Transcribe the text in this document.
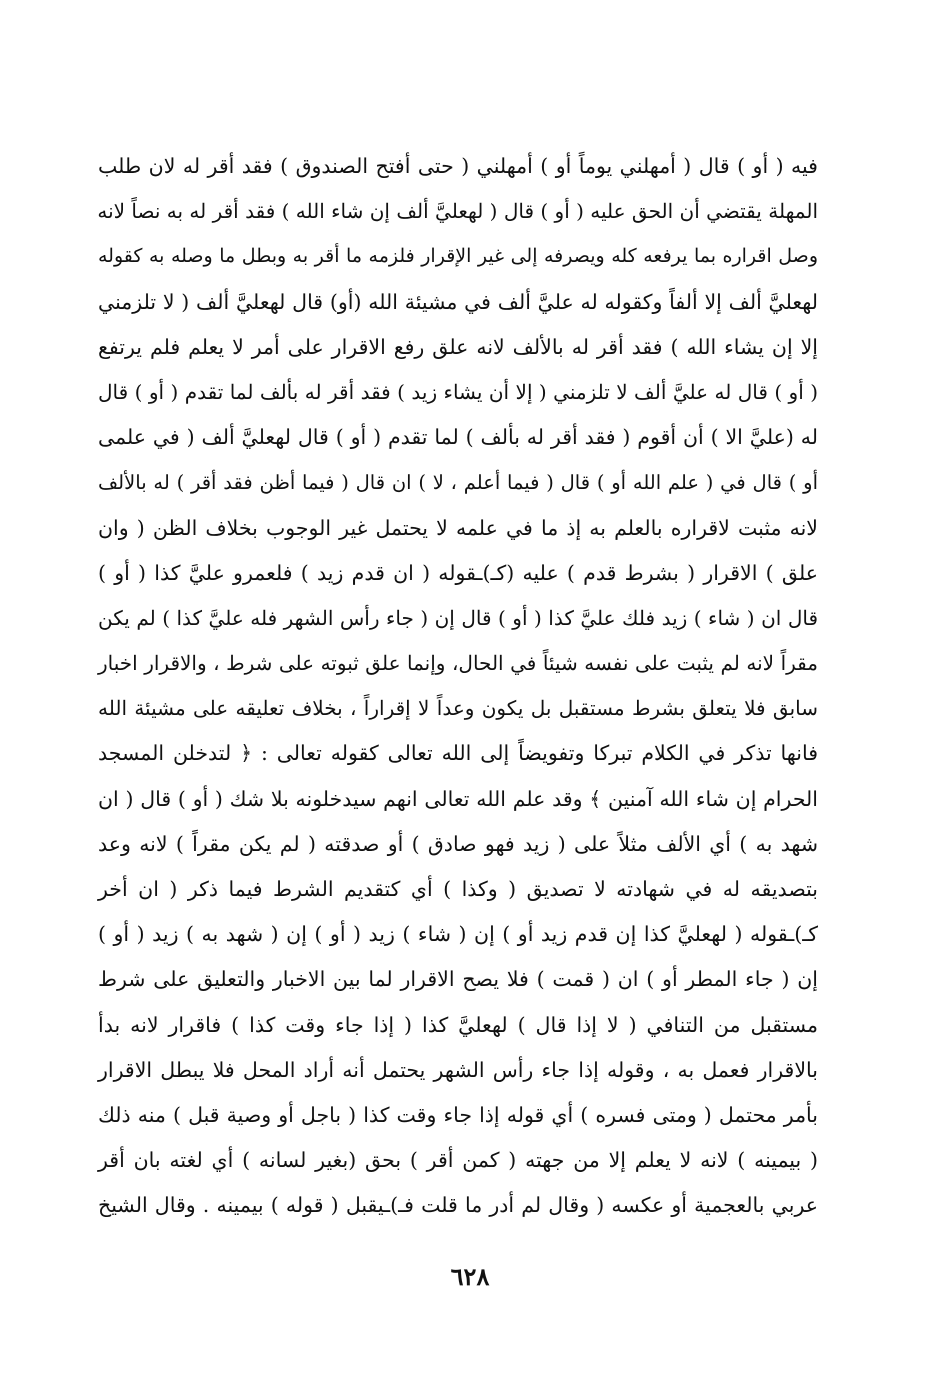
فيه ( أو ) قال ( أمهلني يوماً أو ) أمهلني ( حتى أفتح الصندوق ) فقد أقر له لان طلب
المهلة يقتضي أن الحق عليه ( أو ) قال ( لهعليَّ ألف إن شاء الله ) فقد أقر له به نصاً لانه
وصل اقراره بما يرفعه كله ويصرفه إلى غير الإقرار فلزمه ما أقر به وبطل ما وصله به كقوله
لهعليَّ ألف إلا ألفاً وكقوله له عليَّ ألف في مشيئة الله (أو) قال لهعليَّ ألف ( لا تلزمني
إلا إن يشاء الله ) فقد أقر له بالألف لانه علق رفع الاقرار على أمر لا يعلم فلم يرتفع
( أو ) قال له عليَّ ألف لا تلزمني ( إلا أن يشاء زيد ) فقد أقر له بألف لما تقدم ( أو ) قال
له (عليَّ الا ) أن أقوم ( فقد أقر له بألف ) لما تقدم ( أو ) قال لهعليَّ ألف ( في علمى
أو ) قال في ( علم الله أو ) قال ( فيما أعلم ، لا ) ان قال ( فيما أظن فقد أقر ) له بالألف
لانه مثبت لاقراره بالعلم به إذ ما في علمه لا يحتمل غير الوجوب بخلاف الظن ( وان
علق ) الاقرار ( بشرط قدم ) عليه (كـ)ـقوله ( ان قدم زيد ) فلعمرو عليَّ كذا ( أو )
قال ان ( شاء ) زيد فلك عليَّ كذا ( أو ) قال إن ( جاء رأس الشهر فله عليَّ كذا ) لم يكن
مقراً لانه لم يثبت على نفسه شيئاً في الحال، وإنما علق ثبوته على شرط ، والاقرار اخبار
سابق فلا يتعلق بشرط مستقبل بل يكون وعداً لا إقراراً ، بخلاف تعليقه على مشيئة الله
فانها تذكر في الكلام تبركا وتفويضاً إلى الله تعالى كقوله تعالى : ﴿ لتدخلن المسجد
الحرام إن شاء الله آمنين ﴾ وقد علم الله تعالى انهم سيدخلونه بلا شك ( أو ) قال ( ان
شهد به ) أي الألف مثلاً على ( زيد فهو صادق ) أو صدقته ( لم يكن مقراً ) لانه وعد
بتصديقه له في شهادته لا تصديق ( وكذا ) أي كتقديم الشرط فيما ذكر ( ان أخر
كـ)ـقوله ( لهعليَّ كذا إن قدم زيد أو ) إن ( شاء ) زيد ( أو ) إن ( شهد به ) زيد ( أو )
إن ( جاء المطر أو ) ان ( قمت ) فلا يصح الاقرار لما بين الاخبار والتعليق على شرط
مستقبل من التنافي ( لا إذا قال ) لهعليَّ كذا ( إذا جاء وقت كذا ) فاقرار لانه بدأ
بالاقرار فعمل به ، وقوله إذا جاء رأس الشهر يحتمل أنه أراد المحل فلا يبطل الاقرار
بأمر محتمل ( ومتى فسره ) أي قوله إذا جاء وقت كذا ( باجل أو وصية قبل ) منه ذلك
( بيمينه ) لانه لا يعلم إلا من جهته ( كمن أقر ) بحق (بغير لسانه ) أي لغته بان أقر
عربي بالعجمية أو عكسه ( وقال لم أدر ما قلت فـ)ـيقبل ( قوله ) بيمينه . وقال الشيخ
٦٢٨
